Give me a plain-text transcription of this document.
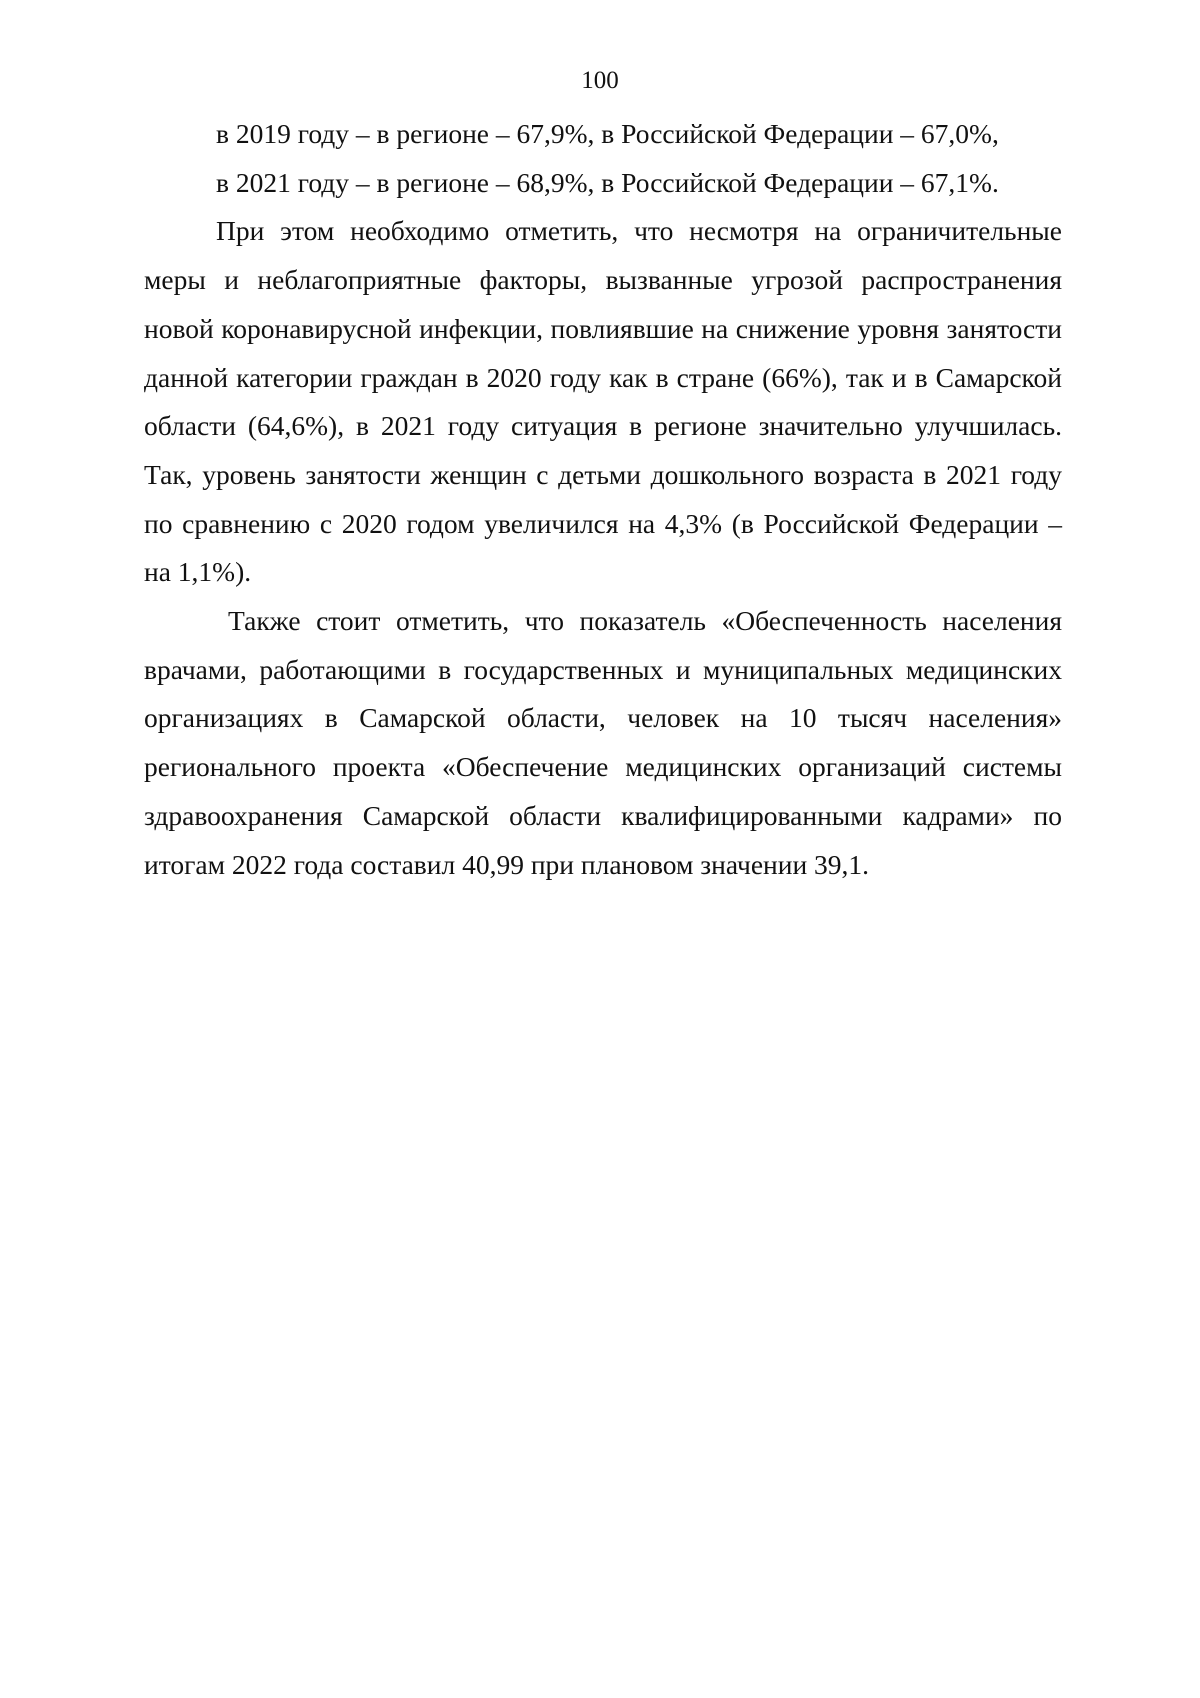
100

в 2019 году – в регионе – 67,9%, в Российской Федерации – 67,0%,

в 2021 году – в регионе – 68,9%, в Российской Федерации – 67,1%.

При этом необходимо отметить, что несмотря на ограничительные меры и неблагоприятные факторы, вызванные угрозой распространения новой коронавирусной инфекции, повлиявшие на снижение уровня занятости данной категории граждан в 2020 году как в стране (66%), так и в Самарской области (64,6%), в 2021 году ситуация в регионе значительно улучшилась. Так, уровень занятости женщин с детьми дошкольного возраста в 2021 году по сравнению с 2020 годом увеличился на 4,3% (в Российской Федерации – на 1,1%).

Также стоит отметить, что показатель «Обеспеченность населения врачами, работающими в государственных и муниципальных медицинских организациях в Самарской области, человек на 10 тысяч населения» регионального проекта «Обеспечение медицинских организаций системы здравоохранения Самарской области квалифицированными кадрами» по итогам 2022 года составил 40,99 при плановом значении 39,1.
